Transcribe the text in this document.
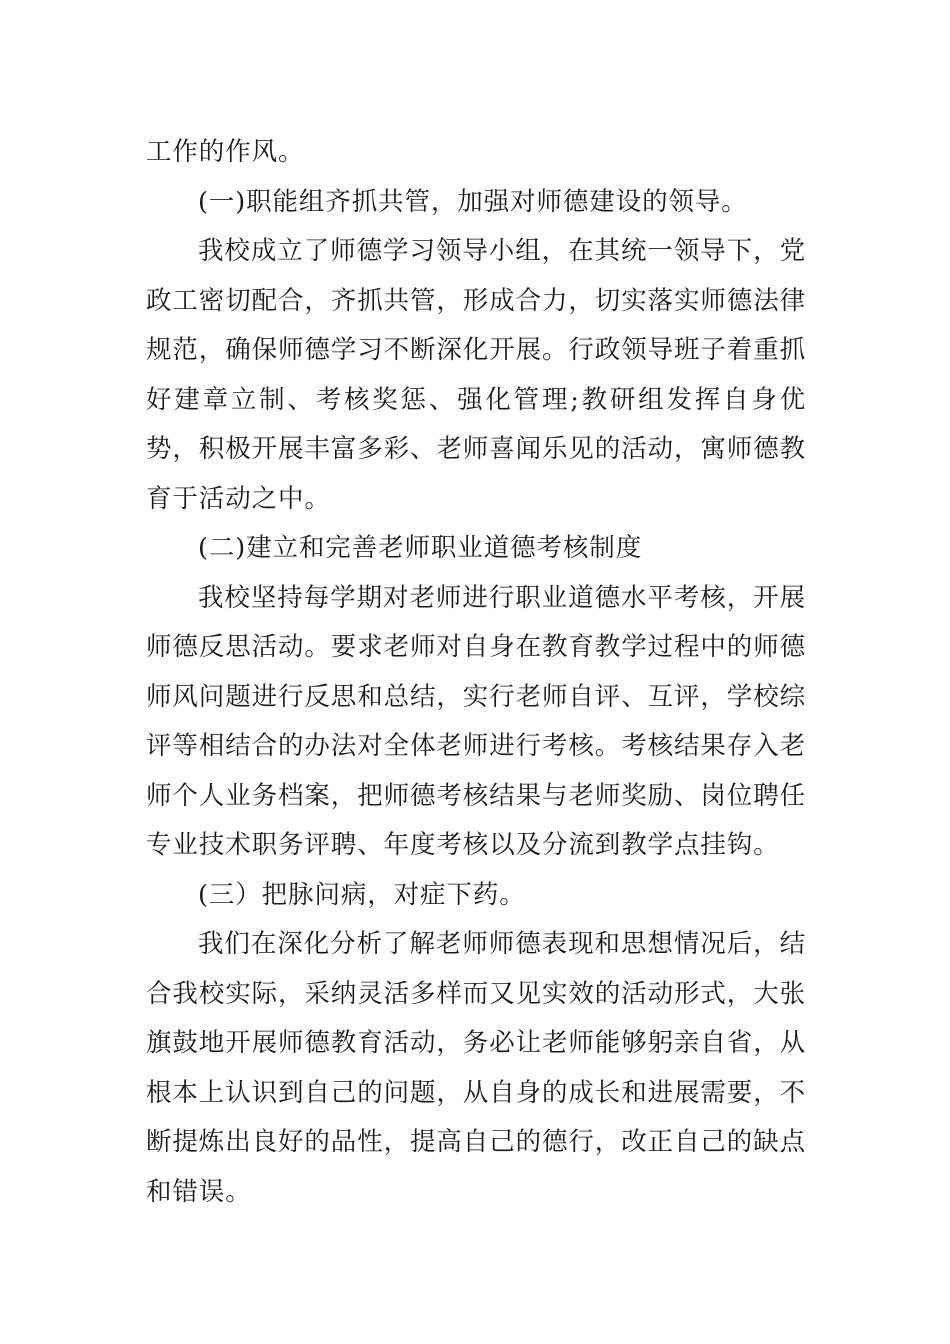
工作的作风。

(一)职能组齐抓共管，加强对师德建设的领导。

我校成立了师德学习领导小组，在其统一领导下，党政工密切配合，齐抓共管，形成合力，切实落实师德法律规范，确保师德学习不断深化开展。行政领导班子着重抓好建章立制、考核奖惩、强化管理;教研组发挥自身优势，积极开展丰富多彩、老师喜闻乐见的活动，寓师德教育于活动之中。

(二)建立和完善老师职业道德考核制度

我校坚持每学期对老师进行职业道德水平考核，开展师德反思活动。要求老师对自身在教育教学过程中的师德师风问题进行反思和总结，实行老师自评、互评，学校综评等相结合的办法对全体老师进行考核。考核结果存入老师个人业务档案，把师德考核结果与老师奖励、岗位聘任专业技术职务评聘、年度考核以及分流到教学点挂钩。

(三）把脉问病，对症下药。

我们在深化分析了解老师师德表现和思想情况后，结合我校实际，采纳灵活多样而又见实效的活动形式，大张旗鼓地开展师德教育活动，务必让老师能够躬亲自省，从根本上认识到自己的问题，从自身的成长和进展需要，不断提炼出良好的品性，提高自己的德行，改正自己的缺点和错误。
